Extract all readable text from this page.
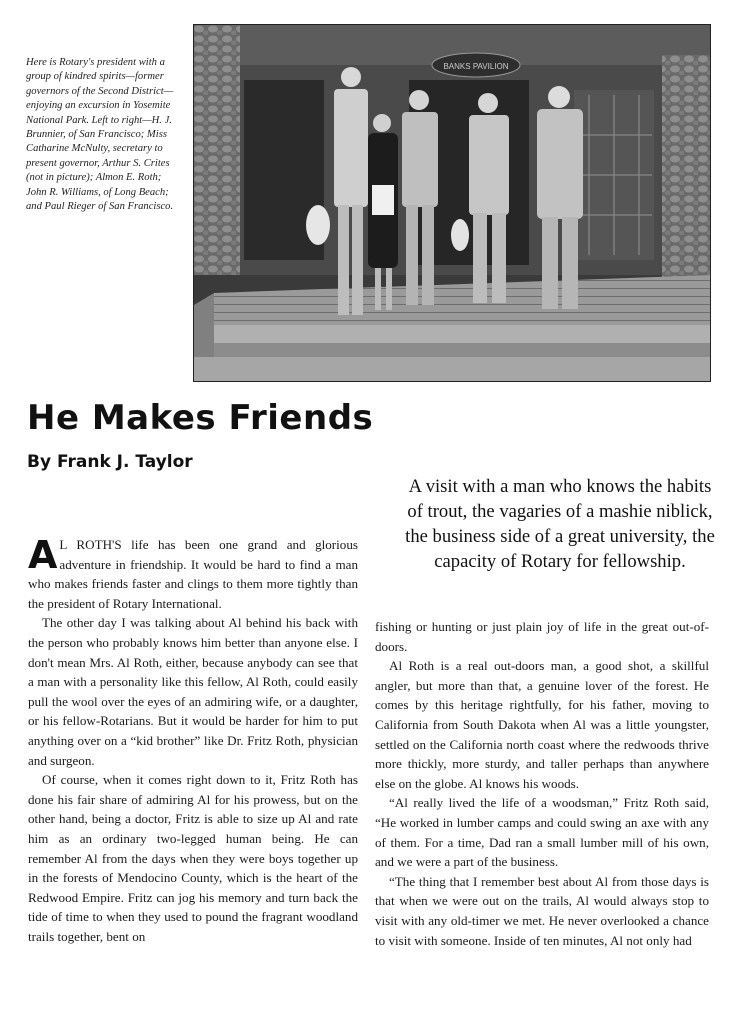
Here is Rotary's president with a group of kindred spirits—former governors of the Second District—enjoying an excursion in Yosemite National Park. Left to right—H. J. Brunnier, of San Francisco; Miss Catharine McNulty, secretary to present governor, Arthur S. Crites (not in picture); Almon E. Roth; John R. Williams, of Long Beach; and Paul Rieger of San Francisco.
BANKS PAVILION
He Makes Friends
By Frank J. Taylor
A visit with a man who knows the habits of trout, the vagaries of a mashie niblick, the business side of a great university, the capacity of Rotary for fellowship.

A L ROTH'S life has been one grand and glorious adventure in friendship. It would be hard to find a man who makes friends faster and clings to them more tightly than the president of Rotary International.

The other day I was talking about Al behind his back with the person who probably knows him better than anyone else. I don't mean Mrs. Al Roth, either, because anybody can see that a man with a personality like this fellow, Al Roth, could easily pull the wool over the eyes of an admiring wife, or a daughter, or his fellow-Rotarians. But it would be harder for him to put anything over on a “kid brother” like Dr. Fritz Roth, physician and surgeon.

Of course, when it comes right down to it, Fritz Roth has done his fair share of admiring Al for his prowess, but on the other hand, being a doctor, Fritz is able to size up Al and rate him as an ordinary two-legged human being. He can remember Al from the days when they were boys together up in the forests of Mendocino County, which is the heart of the Redwood Empire. Fritz can jog his memory and turn back the tide of time to when they used to pound the fragrant woodland trails together, bent on

fishing or hunting or just plain joy of life in the great out-of-doors.

Al Roth is a real out-doors man, a good shot, a skillful angler, but more than that, a genuine lover of the forest. He comes by this heritage rightfully, for his father, moving to California from South Dakota when Al was a little youngster, settled on the California north coast where the redwoods thrive more thickly, more sturdy, and taller perhaps than anywhere else on the globe. Al knows his woods.

“Al really lived the life of a woodsman,” Fritz Roth said, “He worked in lumber camps and could swing an axe with any of them. For a time, Dad ran a small lumber mill of his own, and we were a part of the business.

“The thing that I remember best about Al from those days is that when we were out on the trails, Al would always stop to visit with any old-timer we met. He never overlooked a chance to visit with someone. Inside of ten minutes, Al not only had
